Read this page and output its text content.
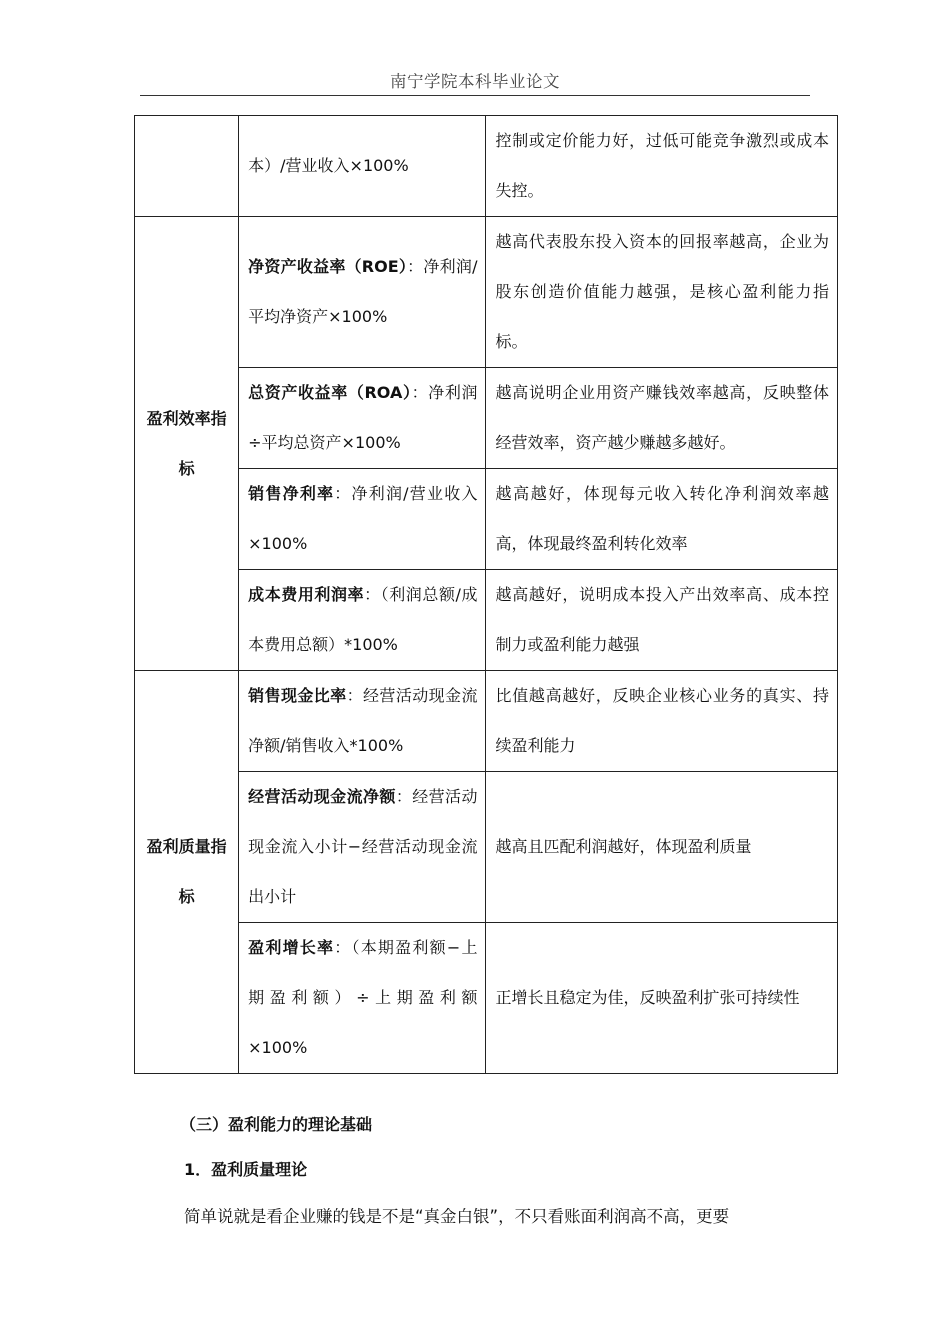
南宁学院本科毕业论文
	本）/营业收入×100%	控制或定价能力好，过低可能竞争激烈或成本失控。
盈利效率指标	净资产收益率（ROE）：净利润/平均净资产×100%	越高代表股东投入资本的回报率越高，企业为股东创造价值能力越强，是核心盈利能力指标。
	总资产收益率（ROA）：净利润÷平均总资产×100%	越高说明企业用资产赚钱效率越高，反映整体经营效率，资产越少赚越多越好。
	销售净利率：净利润/营业收入×100%	越高越好，体现每元收入转化净利润效率越高，体现最终盈利转化效率
	成本费用利润率：（利润总额/成本费用总额）*100%	越高越好，说明成本投入产出效率高、成本控制力或盈利能力越强
盈利质量指标	销售现金比率：经营活动现金流净额/销售收入*100%	比值越高越好，反映企业核心业务的真实、持续盈利能力
	经营活动现金流净额：经营活动现金流入小计−经营活动现金流出小计	越高且匹配利润越好，体现盈利质量
	盈利增长率：（本期盈利额−上期盈利额）÷上期盈利额×100%	正增长且稳定为佳，反映盈利扩张可持续性
（三）盈利能力的理论基础
1．盈利质量理论
简单说就是看企业赚的钱是不是“真金白银”，不只看账面利润高不高，更要
